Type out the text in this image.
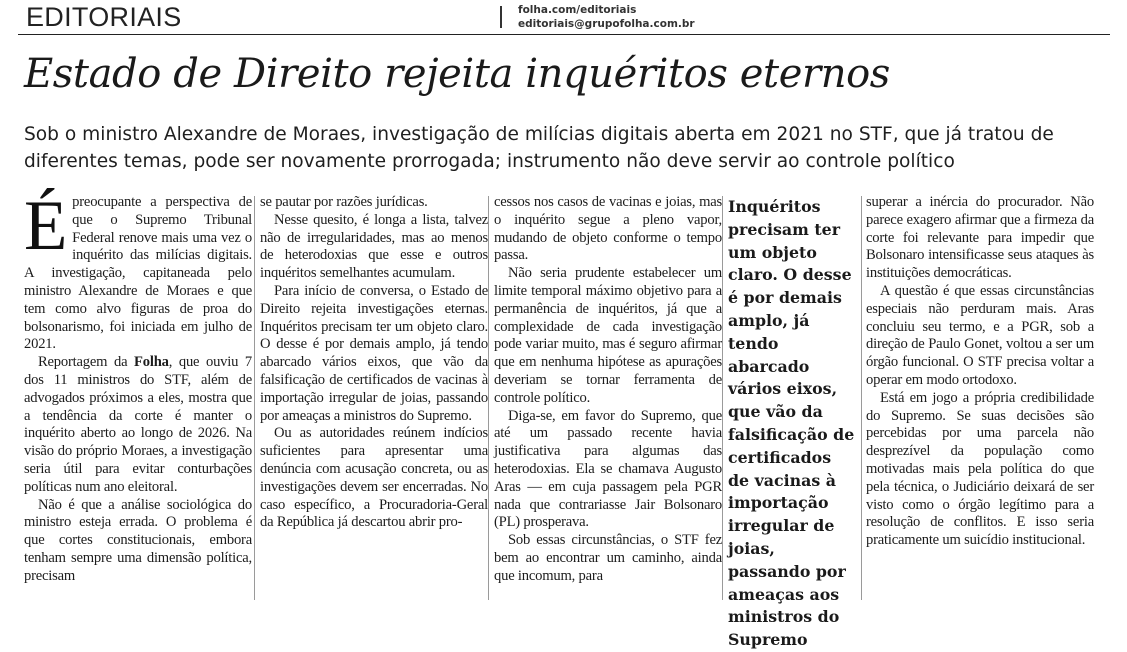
EDITORIAIS	folha.com/editoriais
editoriais@grupofolha.com.br
Estado de Direito rejeita inquéritos eternos

Sob o ministro Alexandre de Moraes, investigação de milícias digitais aberta em 2021 no STF, que já tratou de diferentes temas, pode ser novamente prorrogada; instrumento não deve servir ao controle político

Épreocupante a perspectiva de que o Supremo Tribunal Federal renove mais uma vez o inquérito das milícias digitais. A investigação, capitaneada pelo ministro Alexandre de Moraes e que tem como alvo figuras de proa do bolsonarismo, foi iniciada em julho de 2021.

Reportagem da Folha, que ouviu 7 dos 11 ministros do STF, além de advogados próximos a eles, mostra que a tendência da corte é manter o inquérito aberto ao longo de 2026. Na visão do próprio Moraes, a investigação seria útil para evitar conturbações políticas num ano eleitoral.

Não é que a análise sociológica do ministro esteja errada. O problema é que cortes constitucionais, embora tenham sempre uma dimensão política, precisam

se pautar por razões jurídicas.

Nesse quesito, é longa a lista, talvez não de irregularidades, mas ao menos de heterodoxias que esse e outros inquéritos semelhantes acumulam.

Para início de conversa, o Estado de Direito rejeita investigações eternas. Inquéritos precisam ter um objeto claro. O desse é por demais amplo, já tendo abarcado vários eixos, que vão da falsificação de certificados de vacinas à importação irregular de joias, passando por ameaças a ministros do Supremo.

Ou as autoridades reúnem indícios suficientes para apresentar uma denúncia com acusação concreta, ou as investigações devem ser encerradas. No caso específico, a Procuradoria-Geral da República já descartou abrir pro-

cessos nos casos de vacinas e joias, mas o inquérito segue a pleno vapor, mudando de objeto conforme o tempo passa.

Não seria prudente estabelecer um limite temporal máximo objetivo para a permanência de inquéritos, já que a complexidade de cada investigação pode variar muito, mas é seguro afirmar que em nenhuma hipótese as apurações deveriam se tornar ferramenta de controle político.

Diga-se, em favor do Supremo, que até um passado recente havia justificativa para algumas das heterodoxias. Ela se chamava Augusto Aras — em cuja passagem pela PGR nada que contrariasse Jair Bolsonaro (PL) prosperava.

Sob essas circunstâncias, o STF fez bem ao encontrar um caminho, ainda que incomum, para

Inquéritos precisam ter um objeto claro. O desse é por demais amplo, já tendo abarcado vários eixos, que vão da falsificação de certificados de vacinas à importação irregular de joias, passando por ameaças aos ministros do Supremo

superar a inércia do procurador. Não parece exagero afirmar que a firmeza da corte foi relevante para impedir que Bolsonaro intensificasse seus ataques às instituições democráticas.

A questão é que essas circunstâncias especiais não perduram mais. Aras concluiu seu termo, e a PGR, sob a direção de Paulo Gonet, voltou a ser um órgão funcional. O STF precisa voltar a operar em modo ortodoxo.

Está em jogo a própria credibilidade do Supremo. Se suas decisões são percebidas por uma parcela não desprezível da população como motivadas mais pela política do que pela técnica, o Judiciário deixará de ser visto como o órgão legítimo para a resolução de conflitos. E isso seria praticamente um suicídio institucional.
